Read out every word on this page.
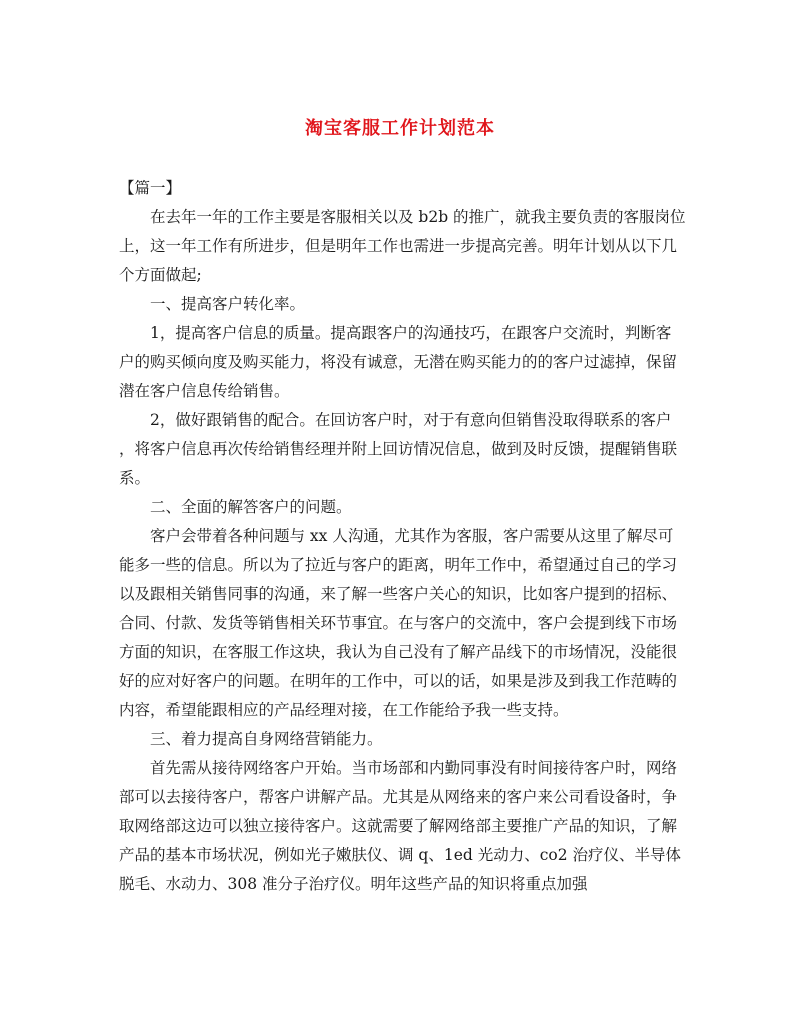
淘宝客服工作计划范本
【篇一】
在去年一年的工作主要是客服相关以及 b2b 的推广，就我主要负责的客服岗位
上，这一年工作有所进步，但是明年工作也需进一步提高完善。明年计划从以下几
个方面做起;
一、提高客户转化率。
1，提高客户信息的质量。提高跟客户的沟通技巧，在跟客户交流时，判断客
户的购买倾向度及购买能力，将没有诚意，无潜在购买能力的的客户过滤掉，保留
潜在客户信息传给销售。
2，做好跟销售的配合。在回访客户时，对于有意向但销售没取得联系的客户
，将客户信息再次传给销售经理并附上回访情况信息，做到及时反馈，提醒销售联
系。
二、全面的解答客户的问题。
客户会带着各种问题与 xx 人沟通，尤其作为客服，客户需要从这里了解尽可
能多一些的信息。所以为了拉近与客户的距离，明年工作中，希望通过自己的学习
以及跟相关销售同事的沟通，来了解一些客户关心的知识，比如客户提到的招标、
合同、付款、发货等销售相关环节事宜。在与客户的交流中，客户会提到线下市场
方面的知识，在客服工作这块，我认为自己没有了解产品线下的市场情况，没能很
好的应对好客户的问题。在明年的工作中，可以的话，如果是涉及到我工作范畴的
内容，希望能跟相应的产品经理对接，在工作能给予我一些支持。
三、着力提高自身网络营销能力。
首先需从接待网络客户开始。当市场部和内勤同事没有时间接待客户时，网络
部可以去接待客户，帮客户讲解产品。尤其是从网络来的客户来公司看设备时，争
取网络部这边可以独立接待客户。这就需要了解网络部主要推广产品的知识，了解
产品的基本市场状况，例如光子嫩肤仪、调 q、1ed 光动力、co2 治疗仪、半导体
脱毛、水动力、308 准分子治疗仪。明年这些产品的知识将重点加强
